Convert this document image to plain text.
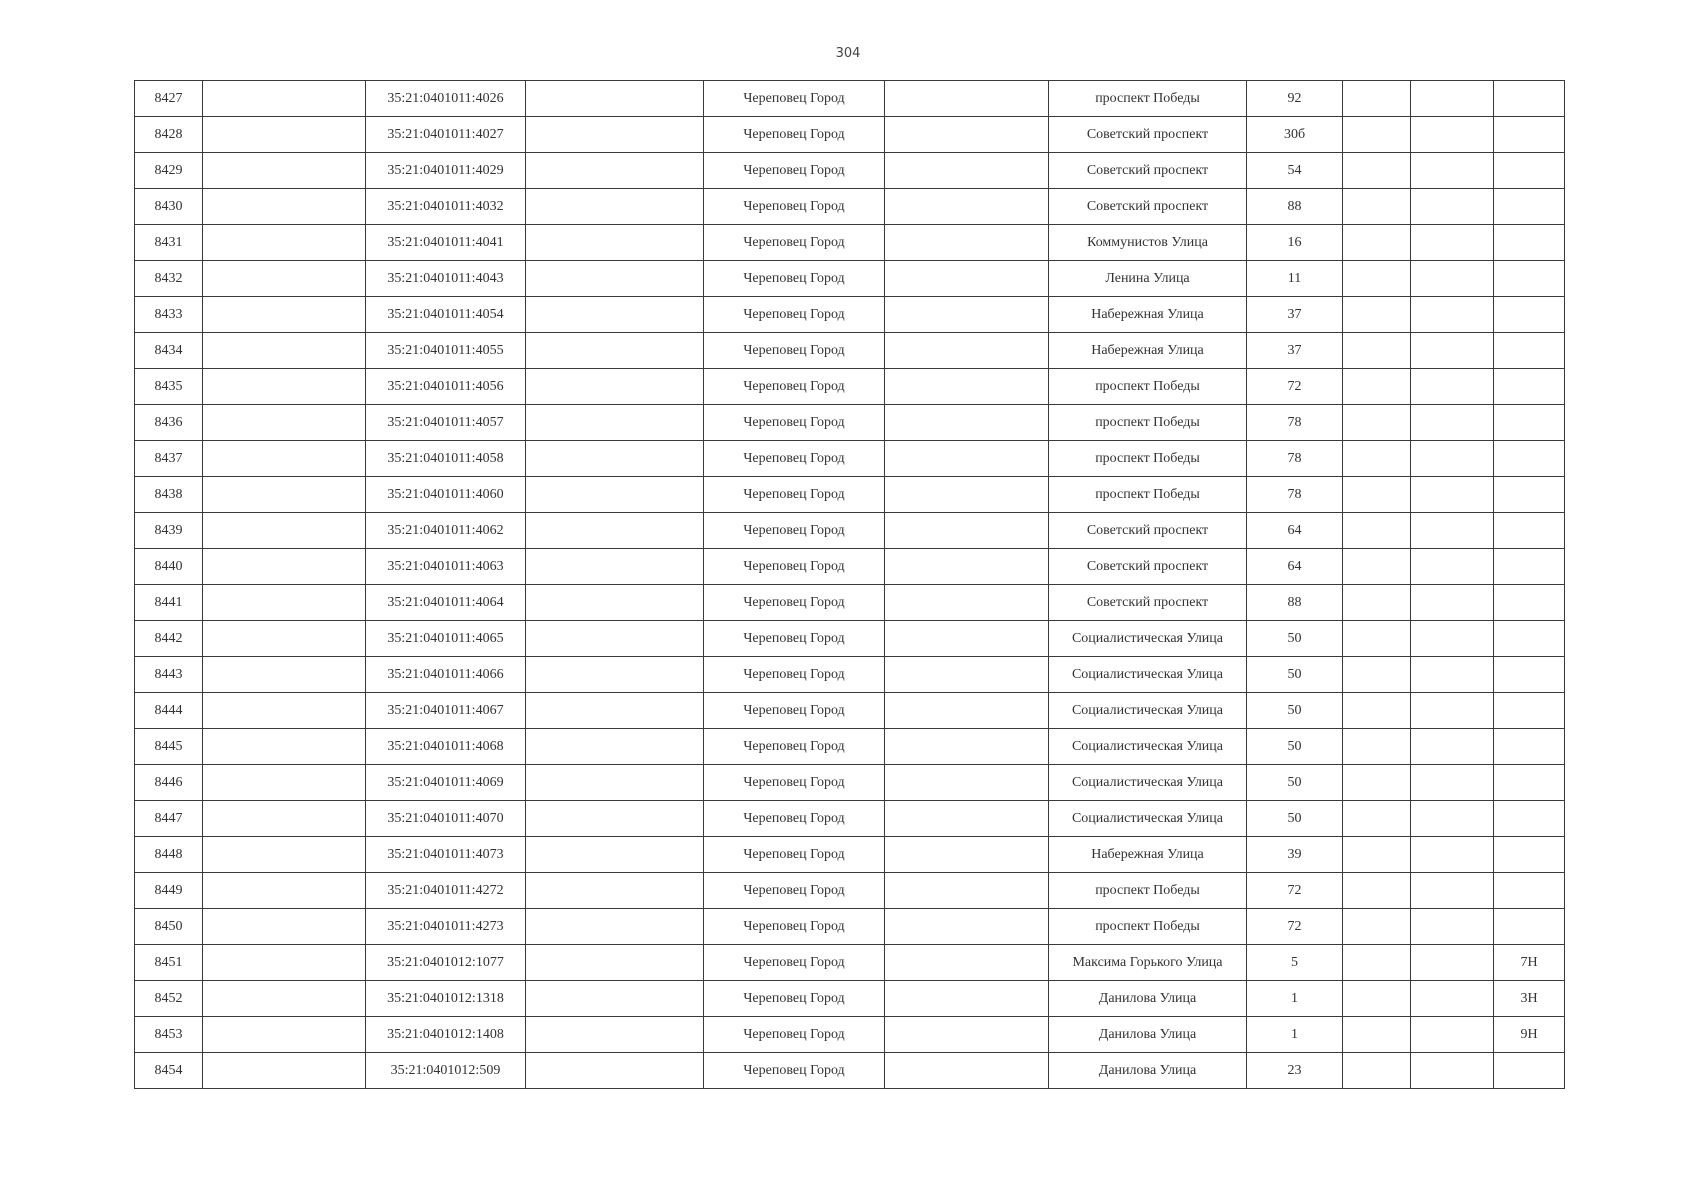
304
8427		35:21:0401011:4026		Череповец Город		проспект Победы	92			
8428		35:21:0401011:4027		Череповец Город		Советский проспект	30б			
8429		35:21:0401011:4029		Череповец Город		Советский проспект	54			
8430		35:21:0401011:4032		Череповец Город		Советский проспект	88			
8431		35:21:0401011:4041		Череповец Город		Коммунистов Улица	16			
8432		35:21:0401011:4043		Череповец Город		Ленина Улица	11			
8433		35:21:0401011:4054		Череповец Город		Набережная Улица	37			
8434		35:21:0401011:4055		Череповец Город		Набережная Улица	37			
8435		35:21:0401011:4056		Череповец Город		проспект Победы	72			
8436		35:21:0401011:4057		Череповец Город		проспект Победы	78			
8437		35:21:0401011:4058		Череповец Город		проспект Победы	78			
8438		35:21:0401011:4060		Череповец Город		проспект Победы	78			
8439		35:21:0401011:4062		Череповец Город		Советский проспект	64			
8440		35:21:0401011:4063		Череповец Город		Советский проспект	64			
8441		35:21:0401011:4064		Череповец Город		Советский проспект	88			
8442		35:21:0401011:4065		Череповец Город		Социалистическая Улица	50			
8443		35:21:0401011:4066		Череповец Город		Социалистическая Улица	50			
8444		35:21:0401011:4067		Череповец Город		Социалистическая Улица	50			
8445		35:21:0401011:4068		Череповец Город		Социалистическая Улица	50			
8446		35:21:0401011:4069		Череповец Город		Социалистическая Улица	50			
8447		35:21:0401011:4070		Череповец Город		Социалистическая Улица	50			
8448		35:21:0401011:4073		Череповец Город		Набережная Улица	39			
8449		35:21:0401011:4272		Череповец Город		проспект Победы	72			
8450		35:21:0401011:4273		Череповец Город		проспект Победы	72			
8451		35:21:0401012:1077		Череповец Город		Максима Горького Улица	5			7Н
8452		35:21:0401012:1318		Череповец Город		Данилова Улица	1			3Н
8453		35:21:0401012:1408		Череповец Город		Данилова Улица	1			9Н
8454		35:21:0401012:509		Череповец Город		Данилова Улица	23			
